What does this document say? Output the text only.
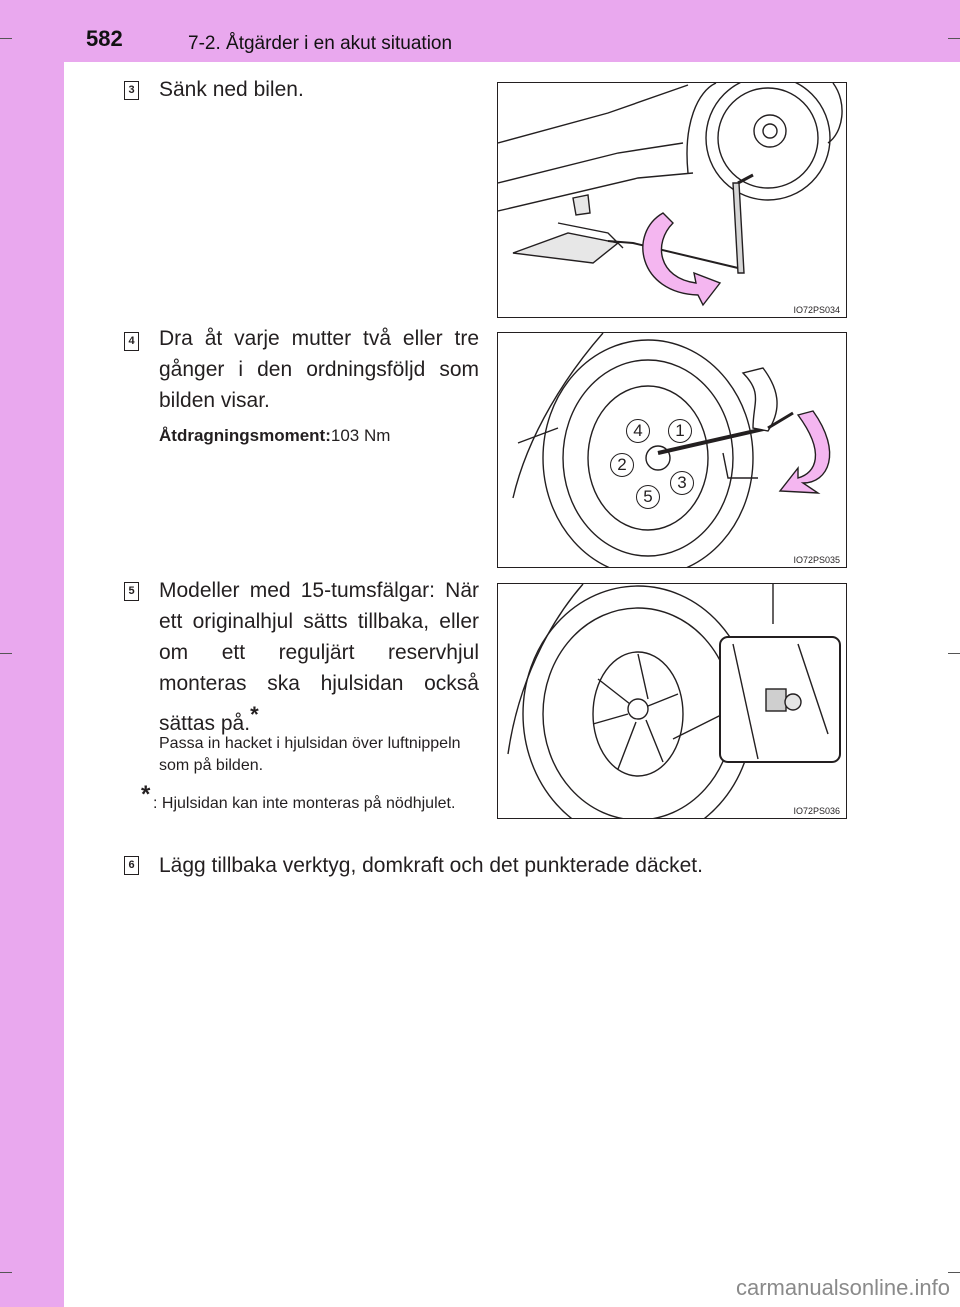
582	7-2. Åtgärder i en akut situation
3 Sänk ned bilen.
IO72PS034
4 Dra åt varje mutter två eller tre gånger i den ordningsföljd som bilden visar.
Åtdragningsmoment:103 Nm	4	1
2
3
5
IO72PS035
5 Modeller med 15-tumsfälgar: När ett originalhjul sätts tillbaka, eller om ett reguljärt reservhjul monteras ska hjulsidan också sättas på.*
Passa in hacket i hjulsidan över luftnippeln som på bilden.
* : Hjulsidan kan inte monteras på nödhjulet.	IO72PS036
6 Lägg tillbaka verktyg, domkraft och det punkterade däcket.
carmanualsonline.info
